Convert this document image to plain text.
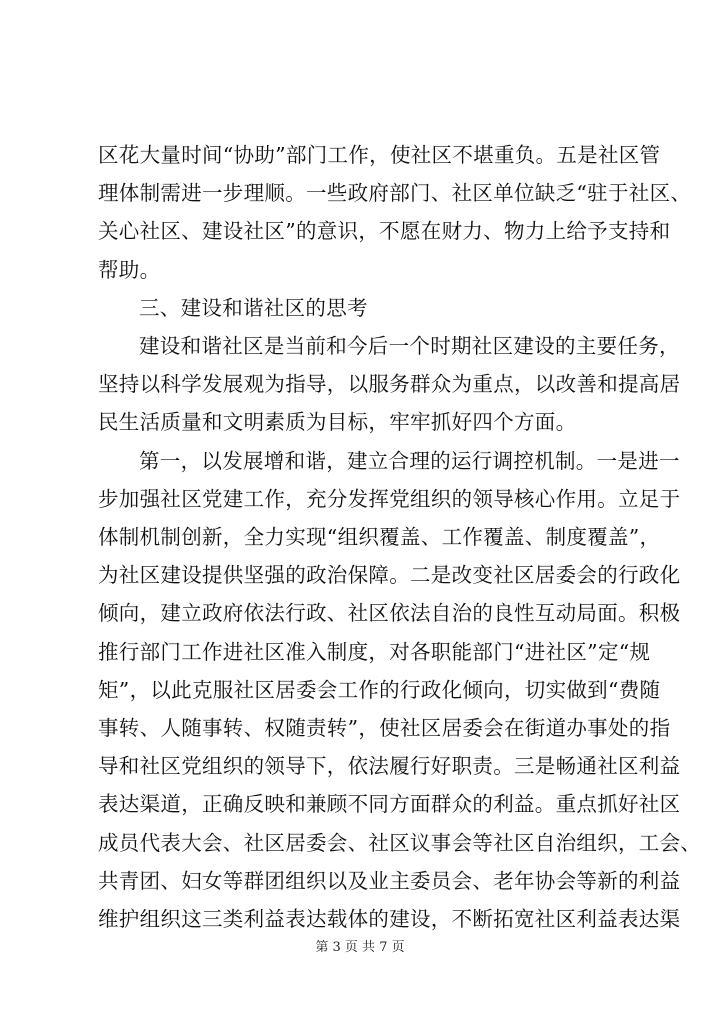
区花大量时间“协助”部门工作，使社区不堪重负。五是社区管
理体制需进一步理顺。一些政府部门、社区单位缺乏“驻于社区、
关心社区、建设社区”的意识，不愿在财力、物力上给予支持和
帮助。
三、建设和谐社区的思考
建设和谐社区是当前和今后一个时期社区建设的主要任务，
坚持以科学发展观为指导，以服务群众为重点，以改善和提高居
民生活质量和文明素质为目标，牢牢抓好四个方面。
第一，以发展增和谐，建立合理的运行调控机制。一是进一
步加强社区党建工作，充分发挥党组织的领导核心作用。立足于
体制机制创新，全力实现“组织覆盖、工作覆盖、制度覆盖”，
为社区建设提供坚强的政治保障。二是改变社区居委会的行政化
倾向，建立政府依法行政、社区依法自治的良性互动局面。积极
推行部门工作进社区准入制度，对各职能部门“进社区”定“规
矩”，以此克服社区居委会工作的行政化倾向，切实做到“费随
事转、人随事转、权随责转”，使社区居委会在街道办事处的指
导和社区党组织的领导下，依法履行好职责。三是畅通社区利益
表达渠道，正确反映和兼顾不同方面群众的利益。重点抓好社区
成员代表大会、社区居委会、社区议事会等社区自治组织，工会、
共青团、妇女等群团组织以及业主委员会、老年协会等新的利益
维护组织这三类利益表达载体的建设，不断拓宽社区利益表达渠
第 3 页 共 7 页
